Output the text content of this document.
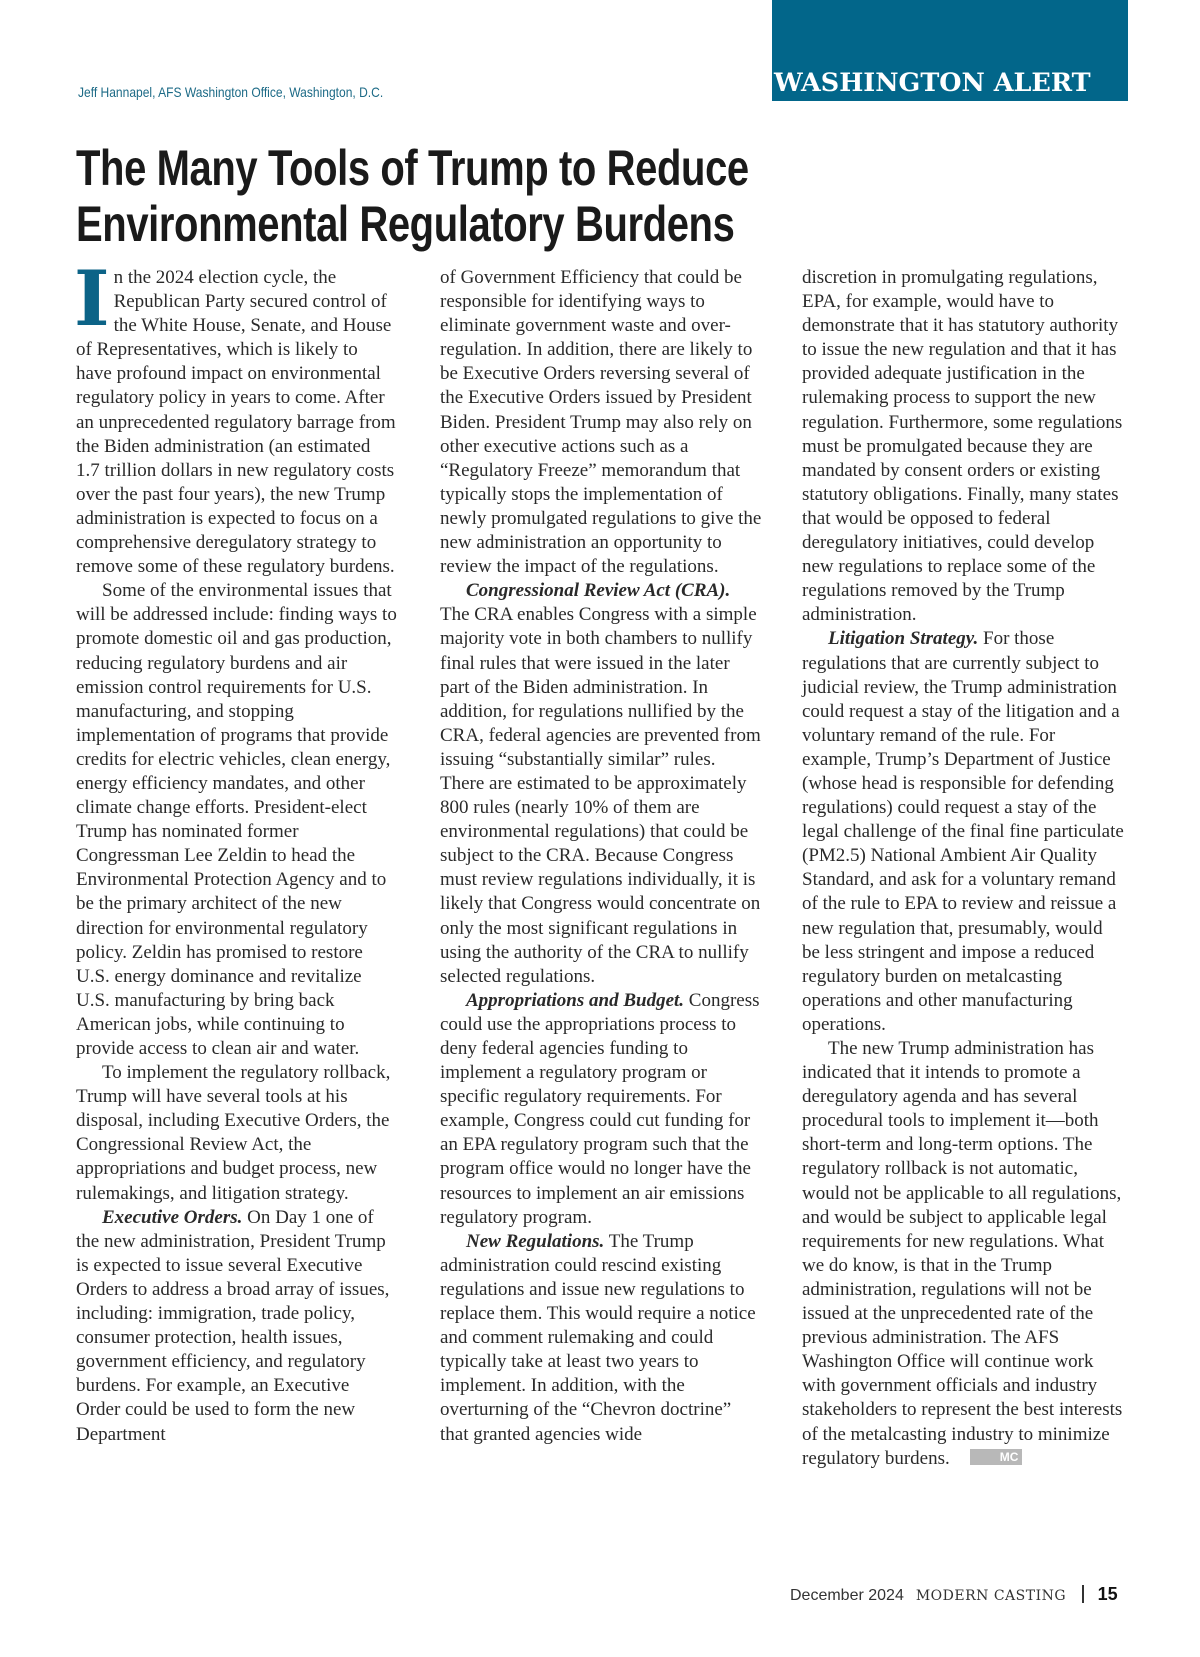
WASHINGTON ALERT
Jeff Hannapel, AFS Washington Office, Washington, D.C.
The Many Tools of Trump to Reduce
Environmental Regulatory Burdens

In the 2024 election cycle, the Republican Party secured control of the White House, Senate, and House of Representatives, which is likely to have profound impact on environmental regulatory policy in years to come. After an unprecedented regulatory barrage from the Biden administration (an estimated 1.7 trillion dollars in new regulatory costs over the past four years), the new Trump administration is expected to focus on a comprehensive deregulatory strategy to remove some of these regulatory burdens.

Some of the environmental issues that will be addressed include: finding ways to promote domestic oil and gas production, reducing regulatory burdens and air emission control requirements for U.S. manufacturing, and stopping implementation of programs that provide credits for electric vehicles, clean energy, energy efficiency mandates, and other climate change efforts. President-elect Trump has nominated former Congressman Lee Zeldin to head the Environmental Protection Agency and to be the primary architect of the new direction for environmental regulatory policy. Zeldin has promised to restore U.S. energy dominance and revitalize U.S. manufacturing by bring back American jobs, while continuing to provide access to clean air and water.

To implement the regulatory rollback, Trump will have several tools at his disposal, including Executive Orders, the Congressional Review Act, the appropriations and budget process, new rulemakings, and litigation strategy.

Executive Orders. On Day 1 one of the new administration, President Trump is expected to issue several Executive Orders to address a broad array of issues, including: immigration, trade policy, consumer protection, health issues, government efficiency, and regulatory burdens. For example, an Executive Order could be used to form the new Department

of Government Efficiency that could be responsible for identifying ways to eliminate government waste and over-regulation. In addition, there are likely to be Executive Orders reversing several of the Executive Orders issued by President Biden. President Trump may also rely on other executive actions such as a “Regulatory Freeze” memorandum that typically stops the implementation of newly promulgated regulations to give the new administration an opportunity to review the impact of the regulations.

Congressional Review Act (CRA). The CRA enables Congress with a simple majority vote in both chambers to nullify final rules that were issued in the later part of the Biden administration. In addition, for regulations nullified by the CRA, federal agencies are prevented from issuing “substantially similar” rules. There are estimated to be approximately 800 rules (nearly 10% of them are environmental regulations) that could be subject to the CRA. Because Congress must review regulations individually, it is likely that Congress would concentrate on only the most significant regulations in using the authority of the CRA to nullify selected regulations.

Appropriations and Budget. Congress could use the appropriations process to deny federal agencies funding to implement a regulatory program or specific regulatory requirements. For example, Congress could cut funding for an EPA regulatory program such that the program office would no longer have the resources to implement an air emissions regulatory program.

New Regulations. The Trump administration could rescind existing regulations and issue new regulations to replace them. This would require a notice and comment rulemaking and could typically take at least two years to implement. In addition, with the overturning of the “Chevron doctrine” that granted agencies wide

discretion in promulgating regulations, EPA, for example, would have to demonstrate that it has statutory authority to issue the new regulation and that it has provided adequate justification in the rulemaking process to support the new regulation. Furthermore, some regulations must be promulgated because they are mandated by consent orders or existing statutory obligations. Finally, many states that would be opposed to federal deregulatory initiatives, could develop new regulations to replace some of the regulations removed by the Trump administration.

Litigation Strategy. For those regulations that are currently subject to judicial review, the Trump administration could request a stay of the litigation and a voluntary remand of the rule. For example, Trump’s Department of Justice (whose head is responsible for defending regulations) could request a stay of the legal challenge of the final fine particulate (PM2.5) National Ambient Air Quality Standard, and ask for a voluntary remand of the rule to EPA to review and reissue a new regulation that, presumably, would be less stringent and impose a reduced regulatory burden on metalcasting operations and other manufacturing operations.

The new Trump administration has indicated that it intends to promote a deregulatory agenda and has several procedural tools to implement it—both short-term and long-term options. The regulatory rollback is not automatic, would not be applicable to all regulations, and would be subject to applicable legal requirements for new regulations. What we do know, is that in the Trump administration, regulations will not be issued at the unprecedented rate of the previous administration. The AFS Washington Office will continue work with government officials and industry stakeholders to represent the best interests of the metalcasting industry to minimize regulatory burdens.	MC

December 2024 MODERN CASTING 15
